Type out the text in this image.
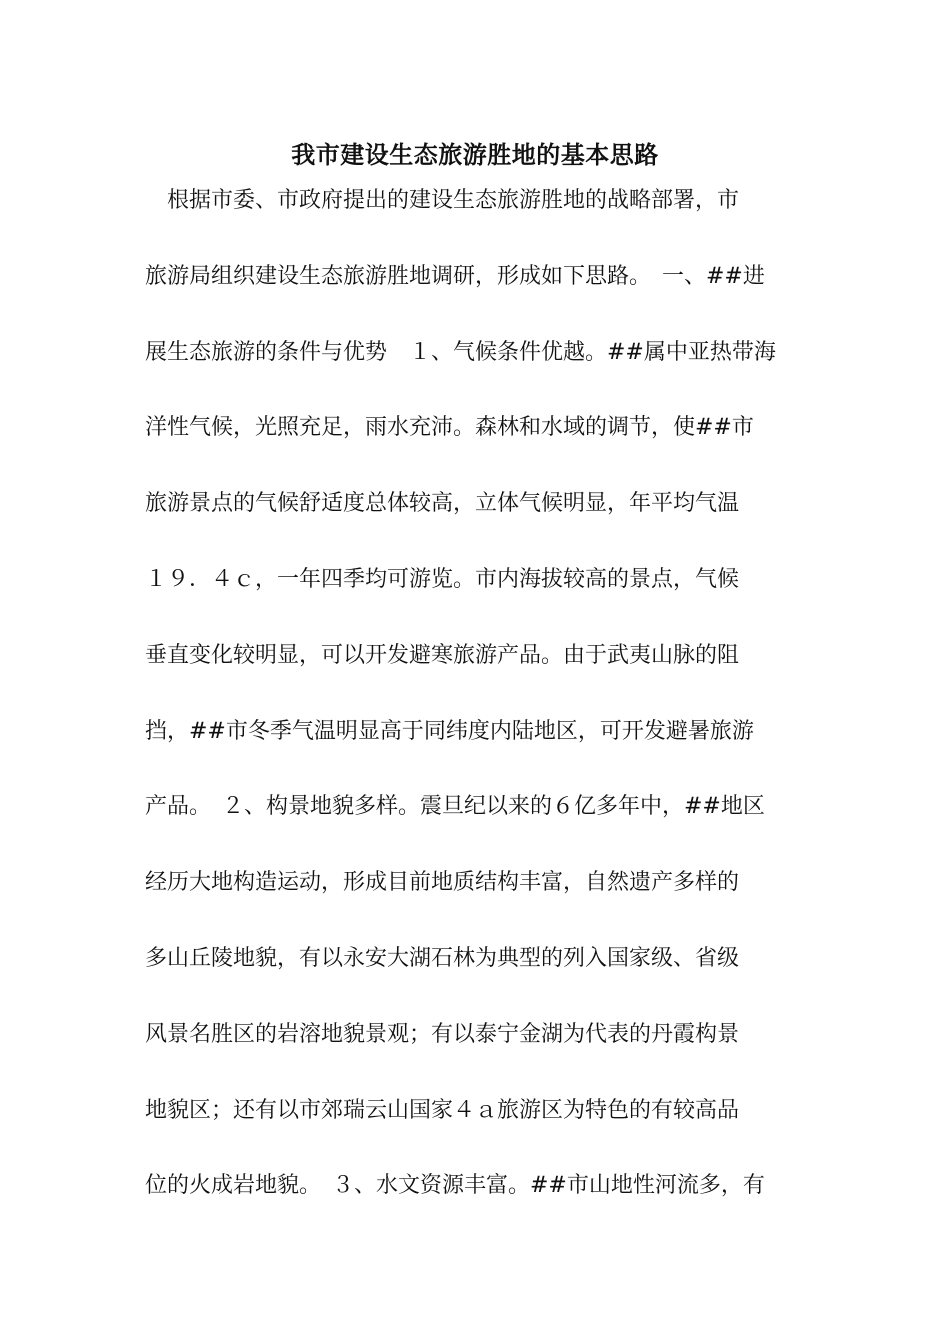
我市建设生态旅游胜地的基本思路
　根据市委、市政府提出的建设生态旅游胜地的战略部署，市
旅游局组织建设生态旅游胜地调研，形成如下思路。　一、##进
展生态旅游的条件与优势　１、气候条件优越。##属中亚热带海
洋性气候，光照充足，雨水充沛。森林和水域的调节，使##市
旅游景点的气候舒适度总体较高，立体气候明显，年平均气温
１９．４ｃ，一年四季均可游览。市内海拔较高的景点，气候
垂直变化较明显，可以开发避寒旅游产品。由于武夷山脉的阻
挡，##市冬季气温明显高于同纬度内陆地区，可开发避暑旅游
产品。　２、构景地貌多样。震旦纪以来的６亿多年中，##地区
经历大地构造运动，形成目前地质结构丰富，自然遗产多样的
多山丘陵地貌，有以永安大湖石林为典型的列入国家级、省级
风景名胜区的岩溶地貌景观；有以泰宁金湖为代表的丹霞构景
地貌区；还有以市郊瑞云山国家４ａ旅游区为特色的有较高品
位的火成岩地貌。　３、水文资源丰富。##市山地性河流多，有
